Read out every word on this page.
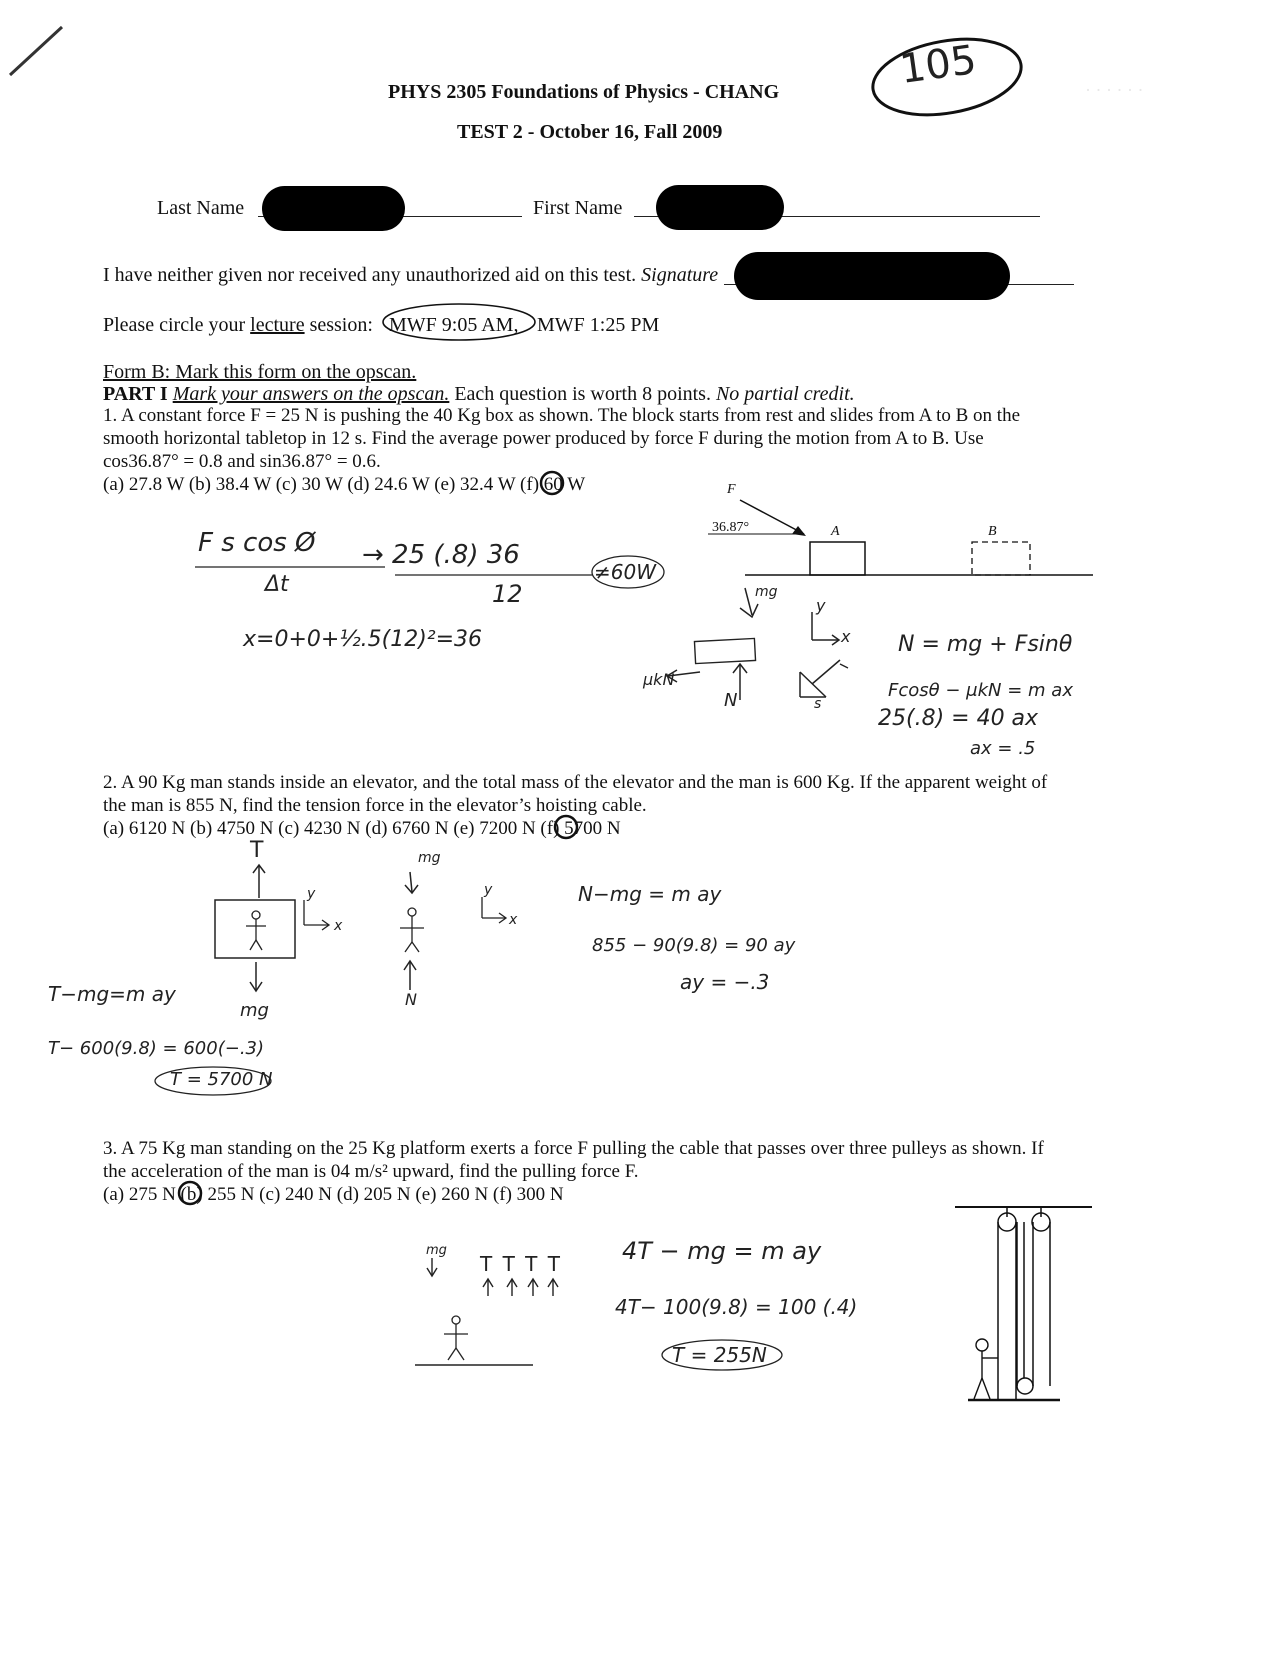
· · · · · ·
PHYS 2305 Foundations of Physics - CHANG
TEST 2 - October 16, Fall 2009
105
Last Name	First Name
I have neither given nor received any unauthorized aid on this test. Signature
Please circle your lecture session: MWF 9:05 AM, MWF 1:25 PM
Form B: Mark this form on the opscan.
PART I Mark your answers on the opscan. Each question is worth 8 points. No partial credit.
1. A constant force F = 25 N is pushing the 40 Kg box as shown. The block starts from rest and slides from A to B on the
smooth horizontal tabletop in 12 s. Find the average power produced by force F during the motion from A to B. Use
cos36.87° = 0.8 and sin36.87° = 0.6.
(a) 27.8 W (b) 38.4 W (c) 30 W (d) 24.6 W (e) 32.4 W (f) 60 W	F
36.87°	A	B
F s cos Ø
Δt
→ 25 (.8) 36
12
≠60W
x=0+0+½.5(12)²=36
mg
N
μkN
s
y
x N = mg + Fsinθ
Fcosθ − μkN = m ax
25(.8) = 40 ax
ax = .5
2. A 90 Kg man stands inside an elevator, and the total mass of the elevator and the man is 600 Kg. If the apparent weight of
the man is 855 N, find the tension force in the elevator’s hoisting cable.
(a) 6120 N (b) 4750 N (c) 4230 N (d) 6760 N (e) 7200 N (f) 5700 N
T
mg
mg
N
y
x
y
x
T−mg=m ay
T− 600(9.8) = 600(−.3)
T = 5700 N
N−mg = m ay
855 − 90(9.8) = 90 ay
ay = −.3
3. A 75 Kg man standing on the 25 Kg platform exerts a force F pulling the cable that passes over three pulleys as shown. If
the acceleration of the man is 04 m/s² upward, find the pulling force F.
(a) 275 N (b) 255 N (c) 240 N (d) 205 N (e) 260 N (f) 300 N
mg
T T T T	4T − mg = m ay
4T− 100(9.8) = 100 (.4)
T = 255N
